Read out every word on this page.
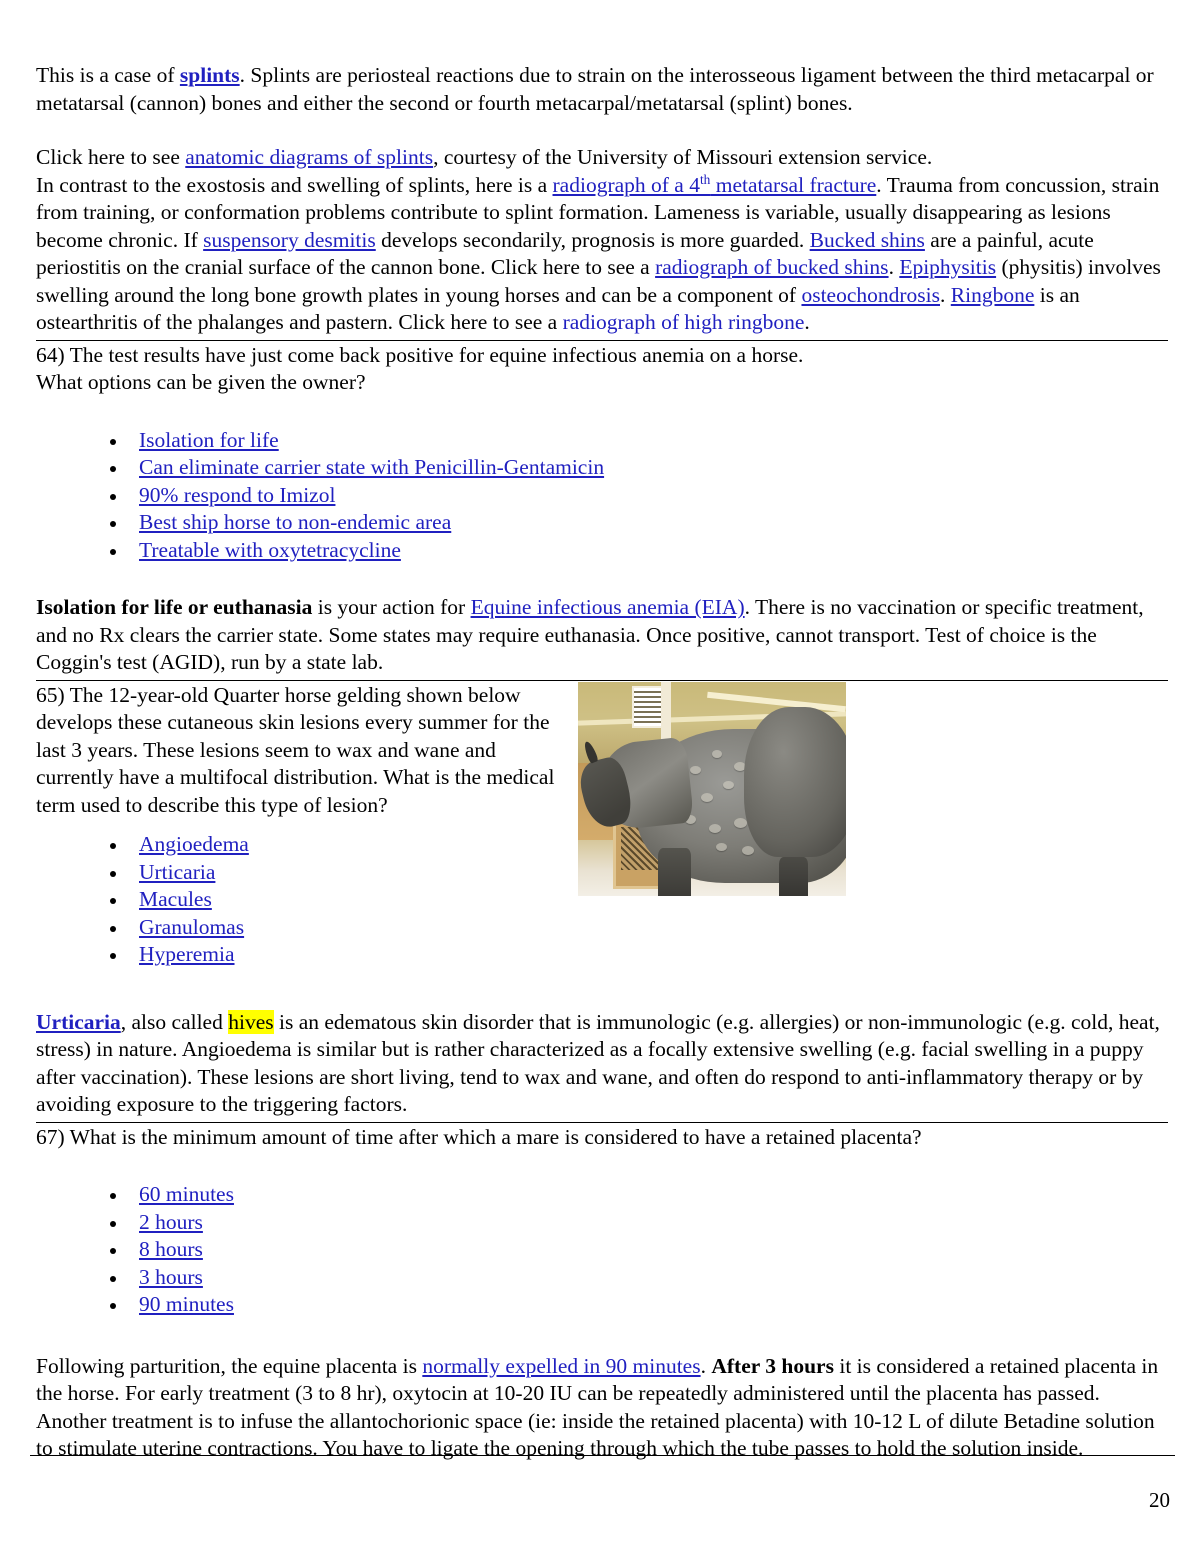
This is a case of splints. Splints are periosteal reactions due to strain on the interosseous ligament between the third metacarpal or metatarsal (cannon) bones and either the second or fourth metacarpal/metatarsal (splint) bones.

Click here to see anatomic diagrams of splints, courtesy of the University of Missouri extension service.
In contrast to the exostosis and swelling of splints, here is a radiograph of a 4th metatarsal fracture. Trauma from concussion, strain from training, or conformation problems contribute to splint formation. Lameness is variable, usually disappearing as lesions become chronic. If suspensory desmitis develops secondarily, prognosis is more guarded. Bucked shins are a painful, acute periostitis on the cranial surface of the cannon bone. Click here to see a radiograph of bucked shins. Epiphysitis (physitis) involves swelling around the long bone growth plates in young horses and can be a component of osteochondrosis. Ringbone is an ostearthritis of the phalanges and pastern. Click here to see a radiograph of high ringbone.

64) The test results have just come back positive for equine infectious anemia on a horse.

What options can be given the owner?

Isolation for life
Can eliminate carrier state with Penicillin-Gentamicin
90% respond to Imizol
Best ship horse to non-endemic area
Treatable with oxytetracycline

Isolation for life or euthanasia is your action for Equine infectious anemia (EIA). There is no vaccination or specific treatment, and no Rx clears the carrier state. Some states may require euthanasia. Once positive, cannot transport. Test of choice is the Coggin's test (AGID), run by a state lab.

65) The 12-year-old Quarter horse gelding shown below develops these cutaneous skin lesions every summer for the last 3 years. These lesions seem to wax and wane and currently have a multifocal distribution. What is the medical term used to describe this type of lesion?

Angioedema
Urticaria
Macules
Granulomas
Hyperemia

Urticaria, also called hives is an edematous skin disorder that is immunologic (e.g. allergies) or non-immunologic (e.g. cold, heat, stress) in nature. Angioedema is similar but is rather characterized as a focally extensive swelling (e.g. facial swelling in a puppy after vaccination). These lesions are short living, tend to wax and wane, and often do respond to anti-inflammatory therapy or by avoiding exposure to the triggering factors.

67) What is the minimum amount of time after which a mare is considered to have a retained placenta?

60 minutes
2 hours
8 hours
3 hours
90 minutes

Following parturition, the equine placenta is normally expelled in 90 minutes. After 3 hours it is considered a retained placenta in the horse. For early treatment (3 to 8 hr), oxytocin at 10-20 IU can be repeatedly administered until the placenta has passed. Another treatment is to infuse the allantochorionic space (ie: inside the retained placenta) with 10-12 L of dilute Betadine solution to stimulate uterine contractions. You have to ligate the opening through which the tube passes to hold the solution inside.

20
